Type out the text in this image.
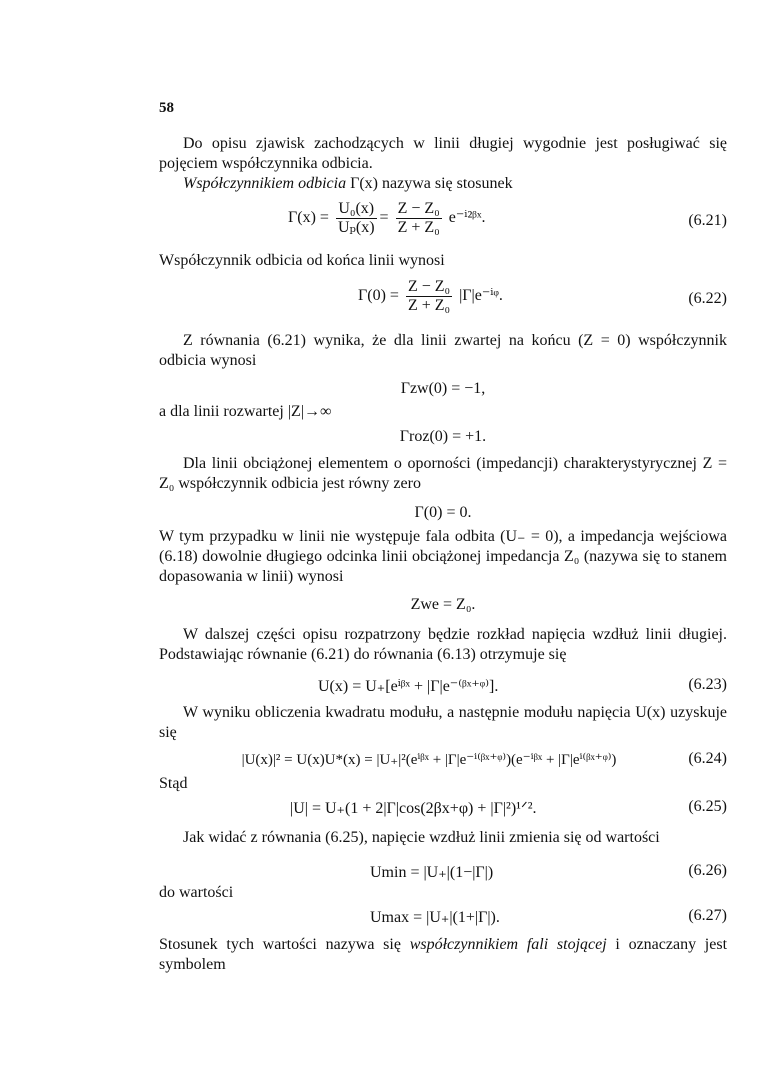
58
Do opisu zjawisk zachodzących w linii długiej wygodnie jest posługiwać się pojęciem współczynnika odbicia.
Współczynnikiem odbicia Γ(x) nazywa się stosunek
$\Gamma(x) = \frac{\text{U₀(x)}}{\text{Uₚ(x)}} = \frac{\text{Z − Z₀}}{\text{Z + Z₀}}$ e⁻ⁱ²ᵝˣ.	(6.21)
Współczynnik odbicia od końca linii wynosi
$\Gamma(0) = \frac{\text{Z − Z₀}}{\text{Z + Z₀}}$ |Γ|e⁻ⁱᵠ.	(6.22)
Z równania (6.21) wynika, że dla linii zwartej na końcu (Z = 0) współczynnik odbicia wynosi
Γzw(0) = −1,
a dla linii rozwartej |Z|→∞
Γroz(0) = +1.
Dla linii obciążonej elementem o oporności (impedancji) charakterystyrycznej Z = Z₀ współczynnik odbicia jest równy zero
Γ(0) = 0.
W tym przypadku w linii nie występuje fala odbita (U₋ = 0), a impedancja wejściowa (6.18) dowolnie długiego odcinka linii obciążonej impedancja Z₀ (nazywa się to stanem dopasowania w linii) wynosi
Zwe = Z₀.
W dalszej części opisu rozpatrzony będzie rozkład napięcia wzdłuż linii długiej. Podstawiając równanie (6.21) do równania (6.13) otrzymuje się
U(x) = U₊[eⁱᵝˣ + |Γ|e⁻⁽ᵝˣ⁺ᵠ⁾].	(6.23)
W wyniku obliczenia kwadratu modułu, a następnie modułu napięcia U(x) uzyskuje się
|U(x)|² = U(x)U*(x) = |U₊|²(eⁱᵝˣ + |Γ|e⁻ⁱ⁽ᵝˣ⁺ᵠ⁾)(e⁻ⁱᵝˣ + |Γ|eⁱ⁽ᵝˣ⁺ᵠ⁾)	(6.24)
Stąd
|U| = U₊(1 + 2|Γ|cos(2βx+φ) + |Γ|²)¹ᐟ².	(6.25)
Jak widać z równania (6.25), napięcie wzdłuż linii zmienia się od wartości
Umin = |U₊|(1−|Γ|)	(6.26)
do wartości
Umax = |U₊|(1+|Γ|).	(6.27)
Stosunek tych wartości nazywa się współczynnikiem fali stojącej i oznaczany jest symbolem
